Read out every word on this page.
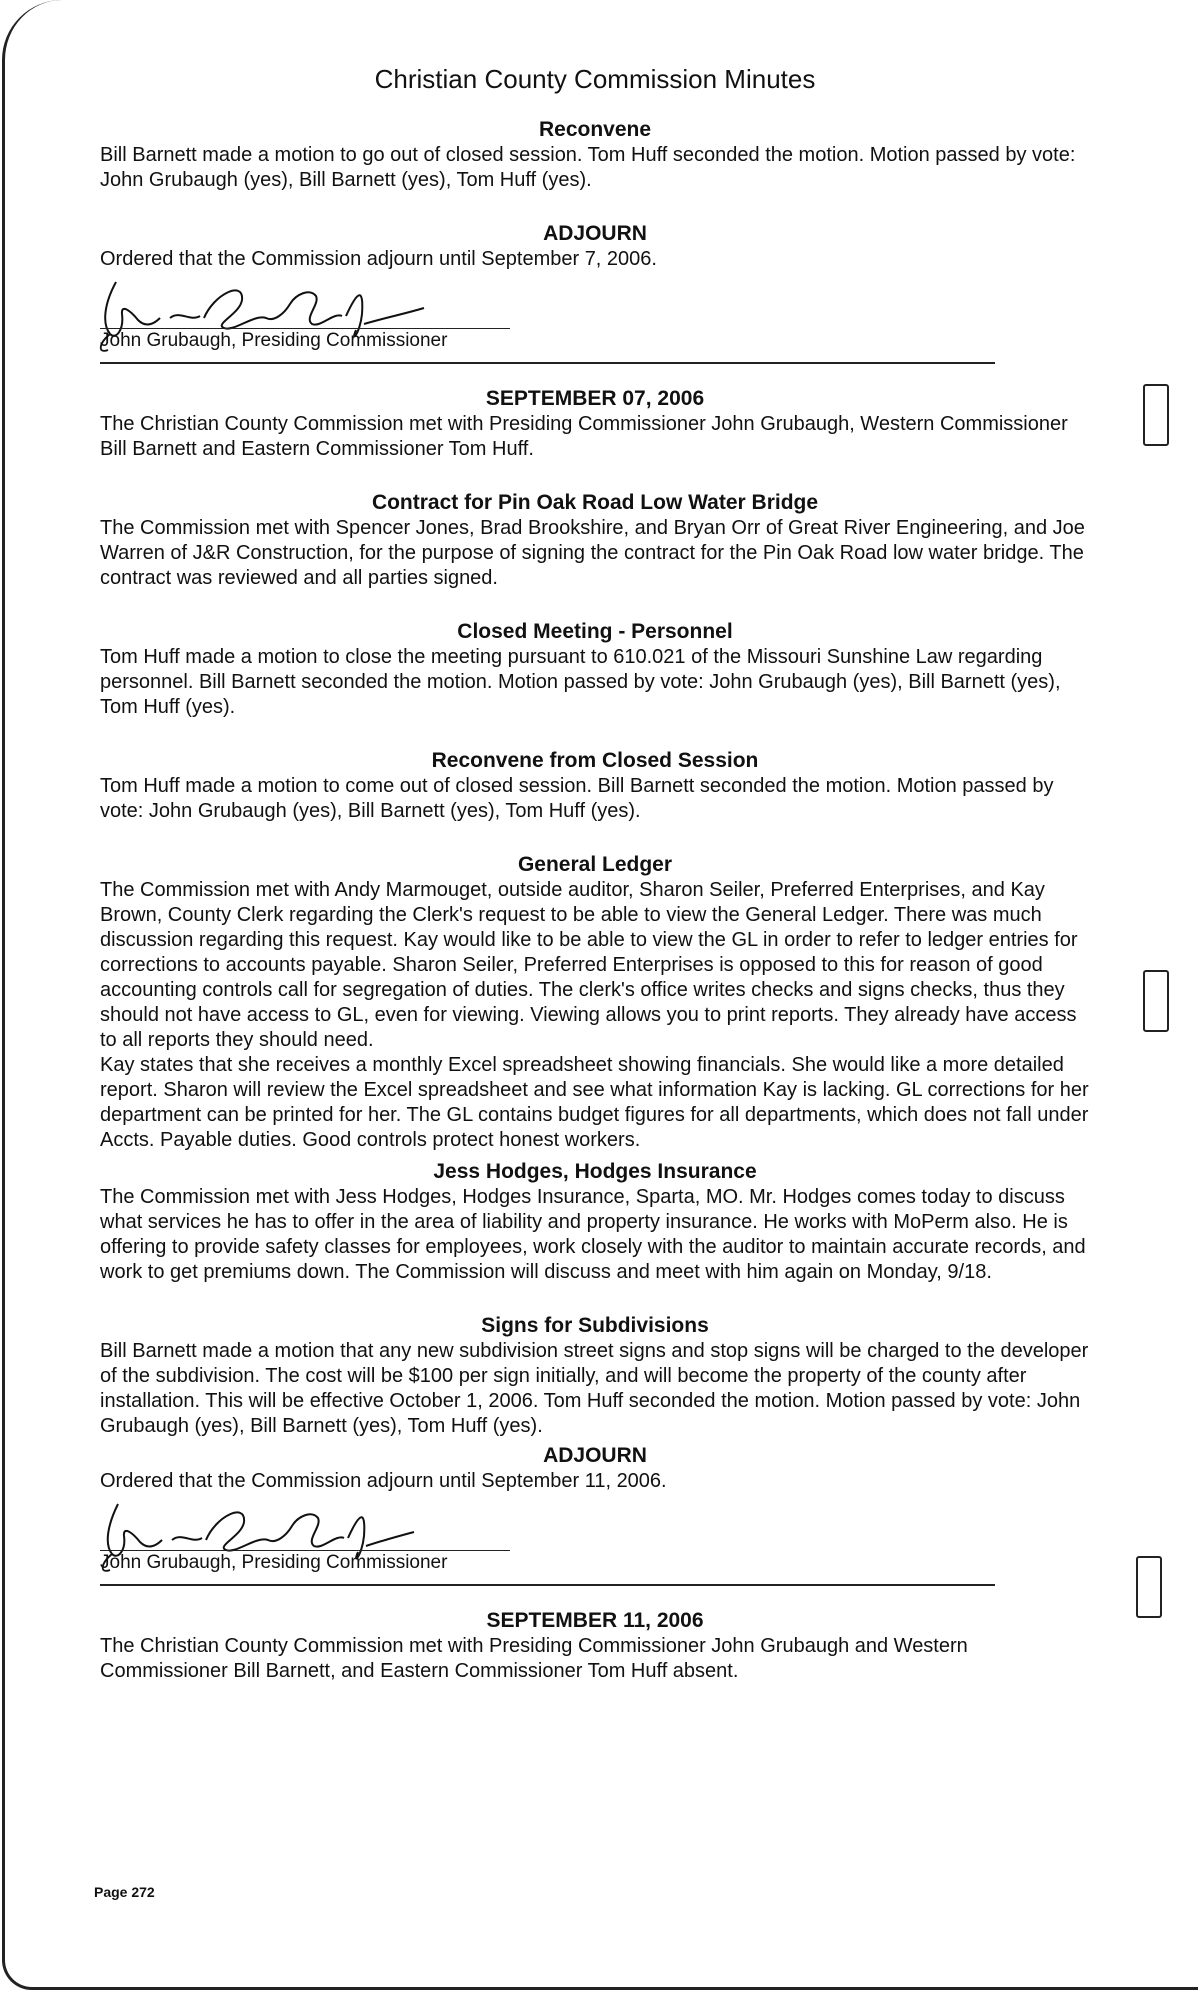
Christian County Commission Minutes
Reconvene

Bill Barnett made a motion to go out of closed session. Tom Huff seconded the motion. Motion passed by vote: John Grubaugh (yes), Bill Barnett (yes), Tom Huff (yes).

ADJOURN

Ordered that the Commission adjourn until September 7, 2006.

John Grubaugh, Presiding Commissioner
SEPTEMBER 07, 2006

The Christian County Commission met with Presiding Commissioner John Grubaugh, Western Commissioner Bill Barnett and Eastern Commissioner Tom Huff.

Contract for Pin Oak Road Low Water Bridge

The Commission met with Spencer Jones, Brad Brookshire, and Bryan Orr of Great River Engineering, and Joe Warren of J&R Construction, for the purpose of signing the contract for the Pin Oak Road low water bridge. The contract was reviewed and all parties signed.

Closed Meeting - Personnel

Tom Huff made a motion to close the meeting pursuant to 610.021 of the Missouri Sunshine Law regarding personnel. Bill Barnett seconded the motion. Motion passed by vote: John Grubaugh (yes), Bill Barnett (yes), Tom Huff (yes).

Reconvene from Closed Session

Tom Huff made a motion to come out of closed session. Bill Barnett seconded the motion. Motion passed by vote: John Grubaugh (yes), Bill Barnett (yes), Tom Huff (yes).

General Ledger

The Commission met with Andy Marmouget, outside auditor, Sharon Seiler, Preferred Enterprises, and Kay Brown, County Clerk regarding the Clerk's request to be able to view the General Ledger. There was much discussion regarding this request. Kay would like to be able to view the GL in order to refer to ledger entries for corrections to accounts payable. Sharon Seiler, Preferred Enterprises is opposed to this for reason of good accounting controls call for segregation of duties. The clerk's office writes checks and signs checks, thus they should not have access to GL, even for viewing. Viewing allows you to print reports. They already have access to all reports they should need.

Kay states that she receives a monthly Excel spreadsheet showing financials. She would like a more detailed report. Sharon will review the Excel spreadsheet and see what information Kay is lacking. GL corrections for her department can be printed for her. The GL contains budget figures for all departments, which does not fall under Accts. Payable duties. Good controls protect honest workers.

Jess Hodges, Hodges Insurance

The Commission met with Jess Hodges, Hodges Insurance, Sparta, MO. Mr. Hodges comes today to discuss what services he has to offer in the area of liability and property insurance. He works with MoPerm also. He is offering to provide safety classes for employees, work closely with the auditor to maintain accurate records, and work to get premiums down. The Commission will discuss and meet with him again on Monday, 9/18.

Signs for Subdivisions

Bill Barnett made a motion that any new subdivision street signs and stop signs will be charged to the developer of the subdivision. The cost will be $100 per sign initially, and will become the property of the county after installation. This will be effective October 1, 2006. Tom Huff seconded the motion. Motion passed by vote: John Grubaugh (yes), Bill Barnett (yes), Tom Huff (yes).

ADJOURN

Ordered that the Commission adjourn until September 11, 2006.

John Grubaugh, Presiding Commissioner
SEPTEMBER 11, 2006

The Christian County Commission met with Presiding Commissioner John Grubaugh and Western Commissioner Bill Barnett, and Eastern Commissioner Tom Huff absent.

Page 272
